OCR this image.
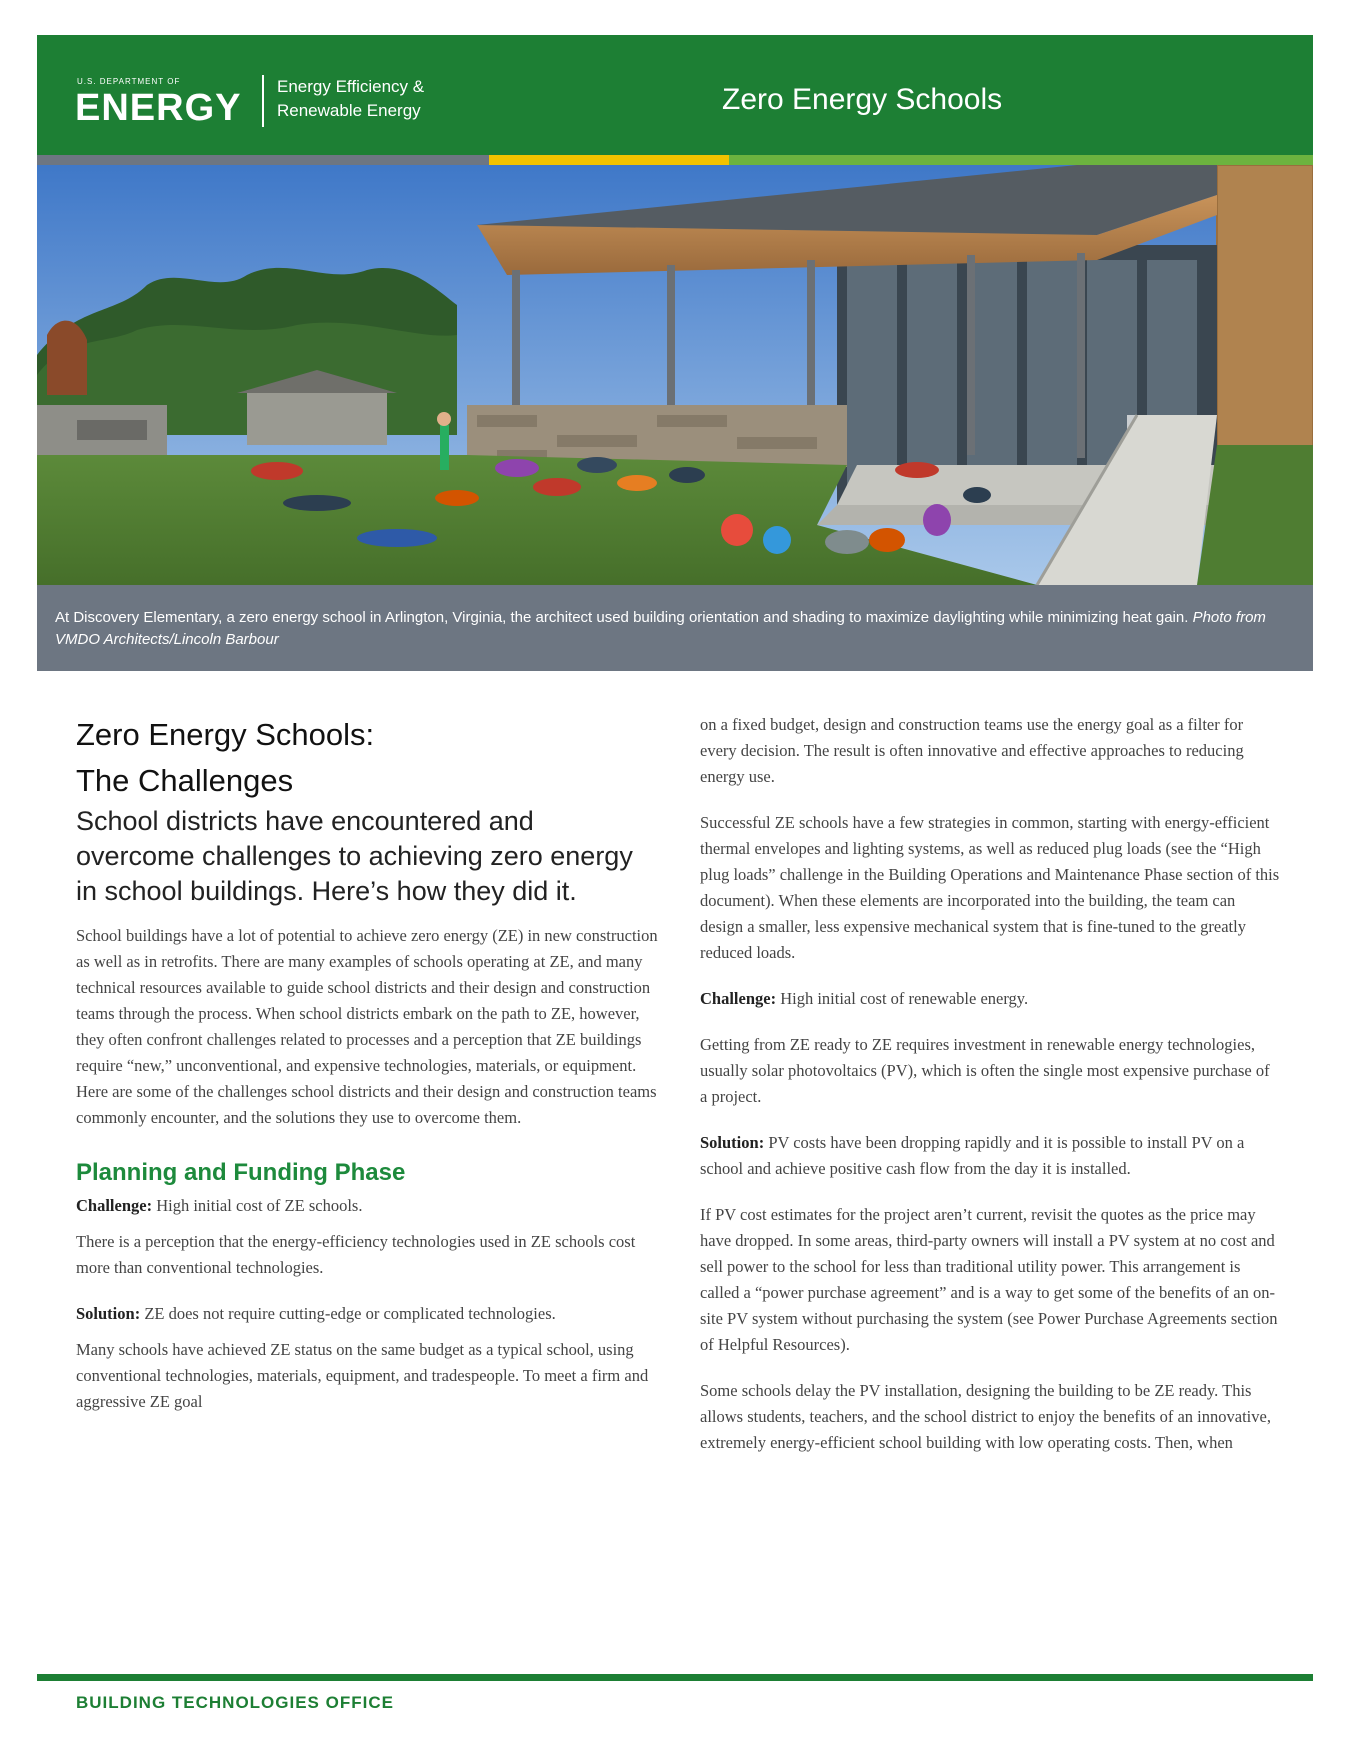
U.S. DEPARTMENT OF
ENERGY
Energy Efficiency &
Renewable Energy	Zero Energy Schools
At Discovery Elementary, a zero energy school in Arlington, Virginia, the architect used building orientation and shading to maximize daylighting while minimizing heat gain. Photo from VMDO Architects/Lincoln Barbour
Zero Energy Schools:
The Challenges
School districts have encountered and overcome challenges to achieving zero energy in school buildings. Here’s how they did it.

School buildings have a lot of potential to achieve zero energy (ZE) in new construction as well as in retrofits. There are many examples of schools operating at ZE, and many technical resources available to guide school districts and their design and construction teams through the process. When school districts embark on the path to ZE, however, they often confront challenges related to processes and a perception that ZE buildings require “new,” unconventional, and expensive technologies, materials, or equipment. Here are some of the challenges school districts and their design and construction teams commonly encounter, and the solutions they use to overcome them.

Planning and Funding Phase

Challenge: High initial cost of ZE schools.

There is a perception that the energy-efficiency technologies used in ZE schools cost more than conventional technologies.

Solution: ZE does not require cutting-edge or complicated technologies.

Many schools have achieved ZE status on the same budget as a typical school, using conventional technologies, materials, equipment, and tradespeople. To meet a firm and aggressive ZE goal

on a fixed budget, design and construction teams use the energy goal as a filter for every decision. The result is often innovative and effective approaches to reducing energy use.

Successful ZE schools have a few strategies in common, starting with energy-efficient thermal envelopes and lighting systems, as well as reduced plug loads (see the “High plug loads” challenge in the Building Operations and Maintenance Phase section of this document). When these elements are incorporated into the building, the team can design a smaller, less expensive mechanical system that is fine-tuned to the greatly reduced loads.

Challenge: High initial cost of renewable energy.

Getting from ZE ready to ZE requires investment in renewable energy technologies, usually solar photovoltaics (PV), which is often the single most expensive purchase of a project.

Solution: PV costs have been dropping rapidly and it is possible to install PV on a school and achieve positive cash flow from the day it is installed.

If PV cost estimates for the project aren’t current, revisit the quotes as the price may have dropped. In some areas, third-party owners will install a PV system at no cost and sell power to the school for less than traditional utility power. This arrangement is called a “power purchase agreement” and is a way to get some of the benefits of an on-site PV system without purchasing the system (see Power Purchase Agreements section of Helpful Resources).

Some schools delay the PV installation, designing the building to be ZE ready. This allows students, teachers, and the school district to enjoy the benefits of an innovative, extremely energy-efficient school building with low operating costs. Then, when

BUILDING TECHNOLOGIES OFFICE
